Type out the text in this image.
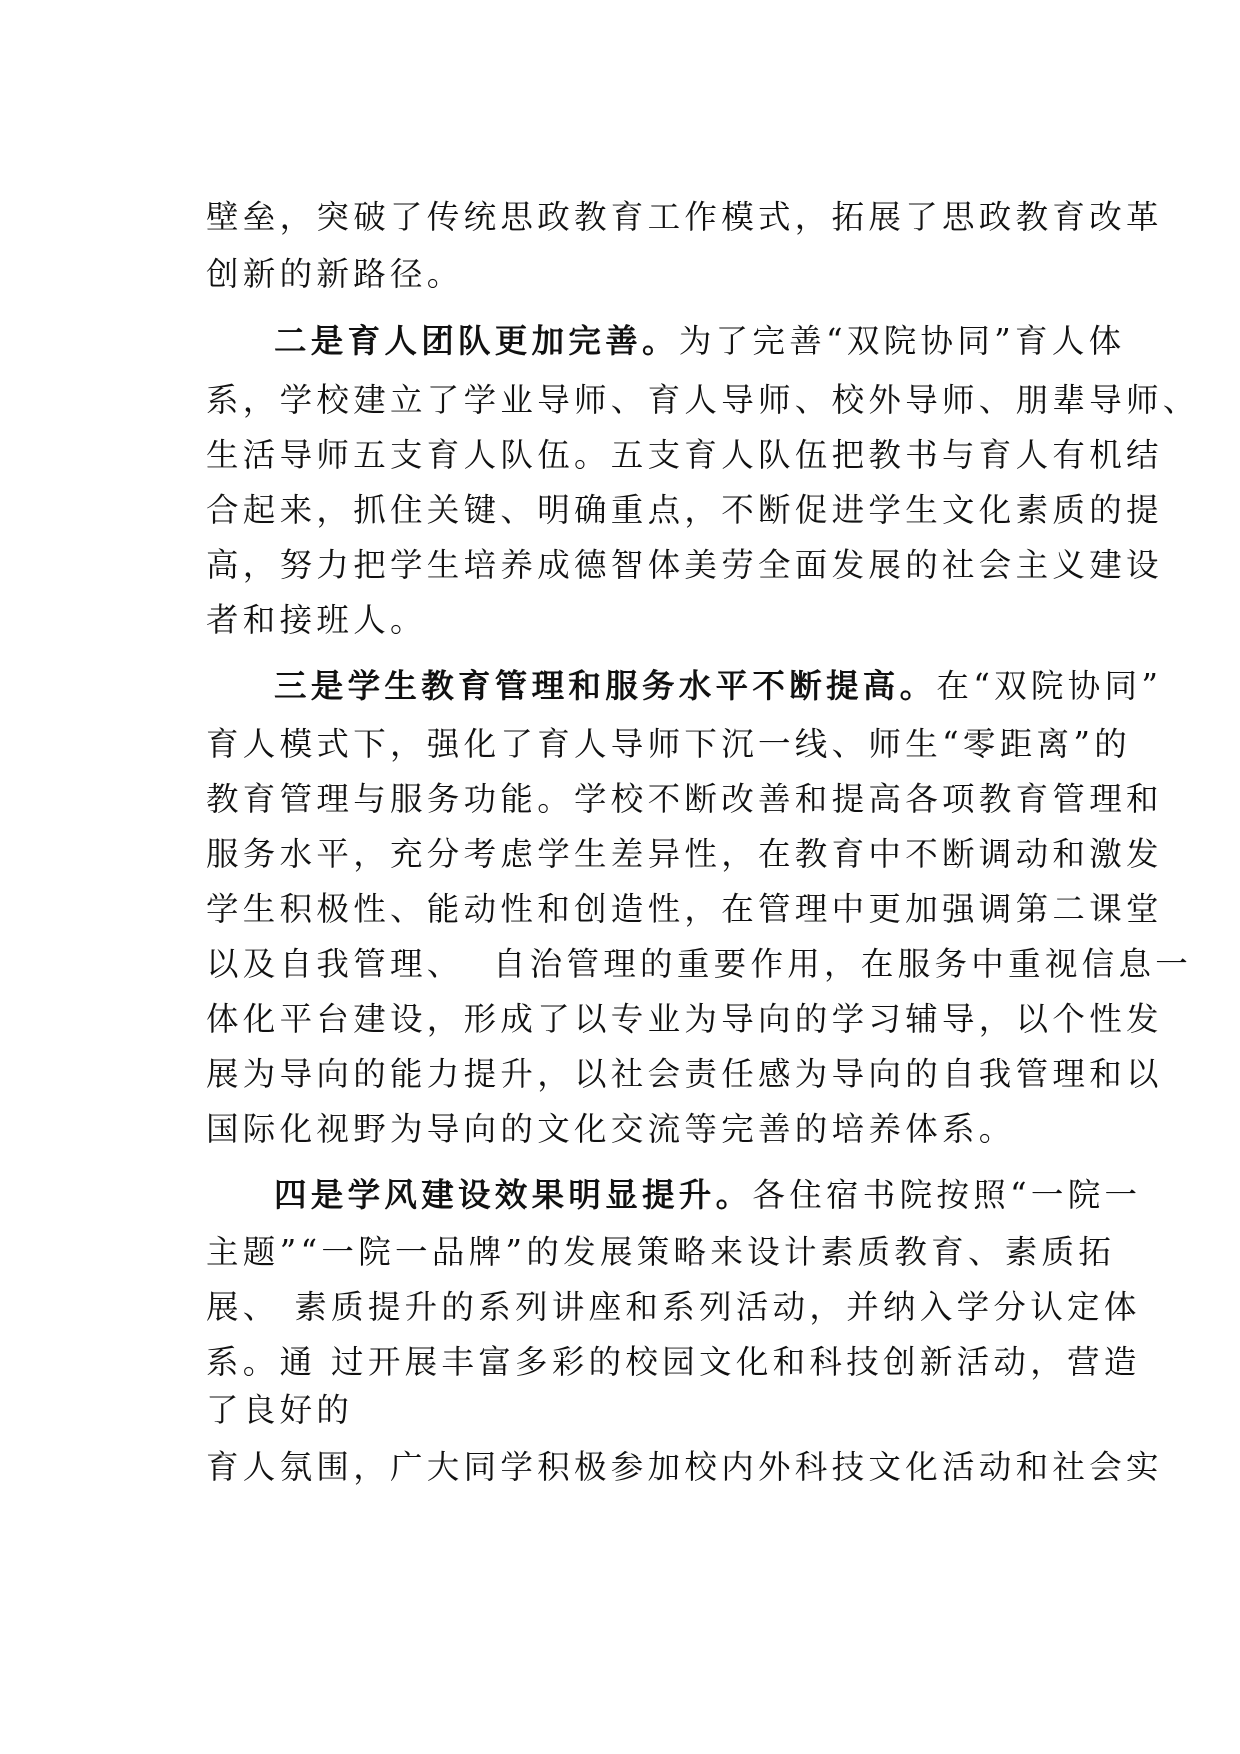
壁垒，突破了传统思政教育工作模式，拓展了思政教育改革
创新的新路径。
二是育人团队更加完善。为了完善“双院协同”育人体
系，学校建立了学业导师、育人导师、校外导师、朋辈导师、
生活导师五支育人队伍。五支育人队伍把教书与育人有机结
合起来，抓住关键、明确重点，不断促进学生文化素质的提
高，努力把学生培养成德智体美劳全面发展的社会主义建设
者和接班人。
三是学生教育管理和服务水平不断提高。在“双院协同”
育人模式下，强化了育人导师下沉一线、师生“零距离”的
教育管理与服务功能。学校不断改善和提高各项教育管理和
服务水平，充分考虑学生差异性，在教育中不断调动和激发
学生积极性、能动性和创造性，在管理中更加强调第二课堂
以及自我管理、  自治管理的重要作用，在服务中重视信息一
体化平台建设，形成了以专业为导向的学习辅导，以个性发
展为导向的能力提升，以社会责任感为导向的自我管理和以
国际化视野为导向的文化交流等完善的培养体系。
四是学风建设效果明显提升。各住宿书院按照“一院一
主题”“一院一品牌”的发展策略来设计素质教育、素质拓
展、 素质提升的系列讲座和系列活动，并纳入学分认定体
系。通 过开展丰富多彩的校园文化和科技创新活动，营造
了良好的
育人氛围，广大同学积极参加校内外科技文化活动和社会实
